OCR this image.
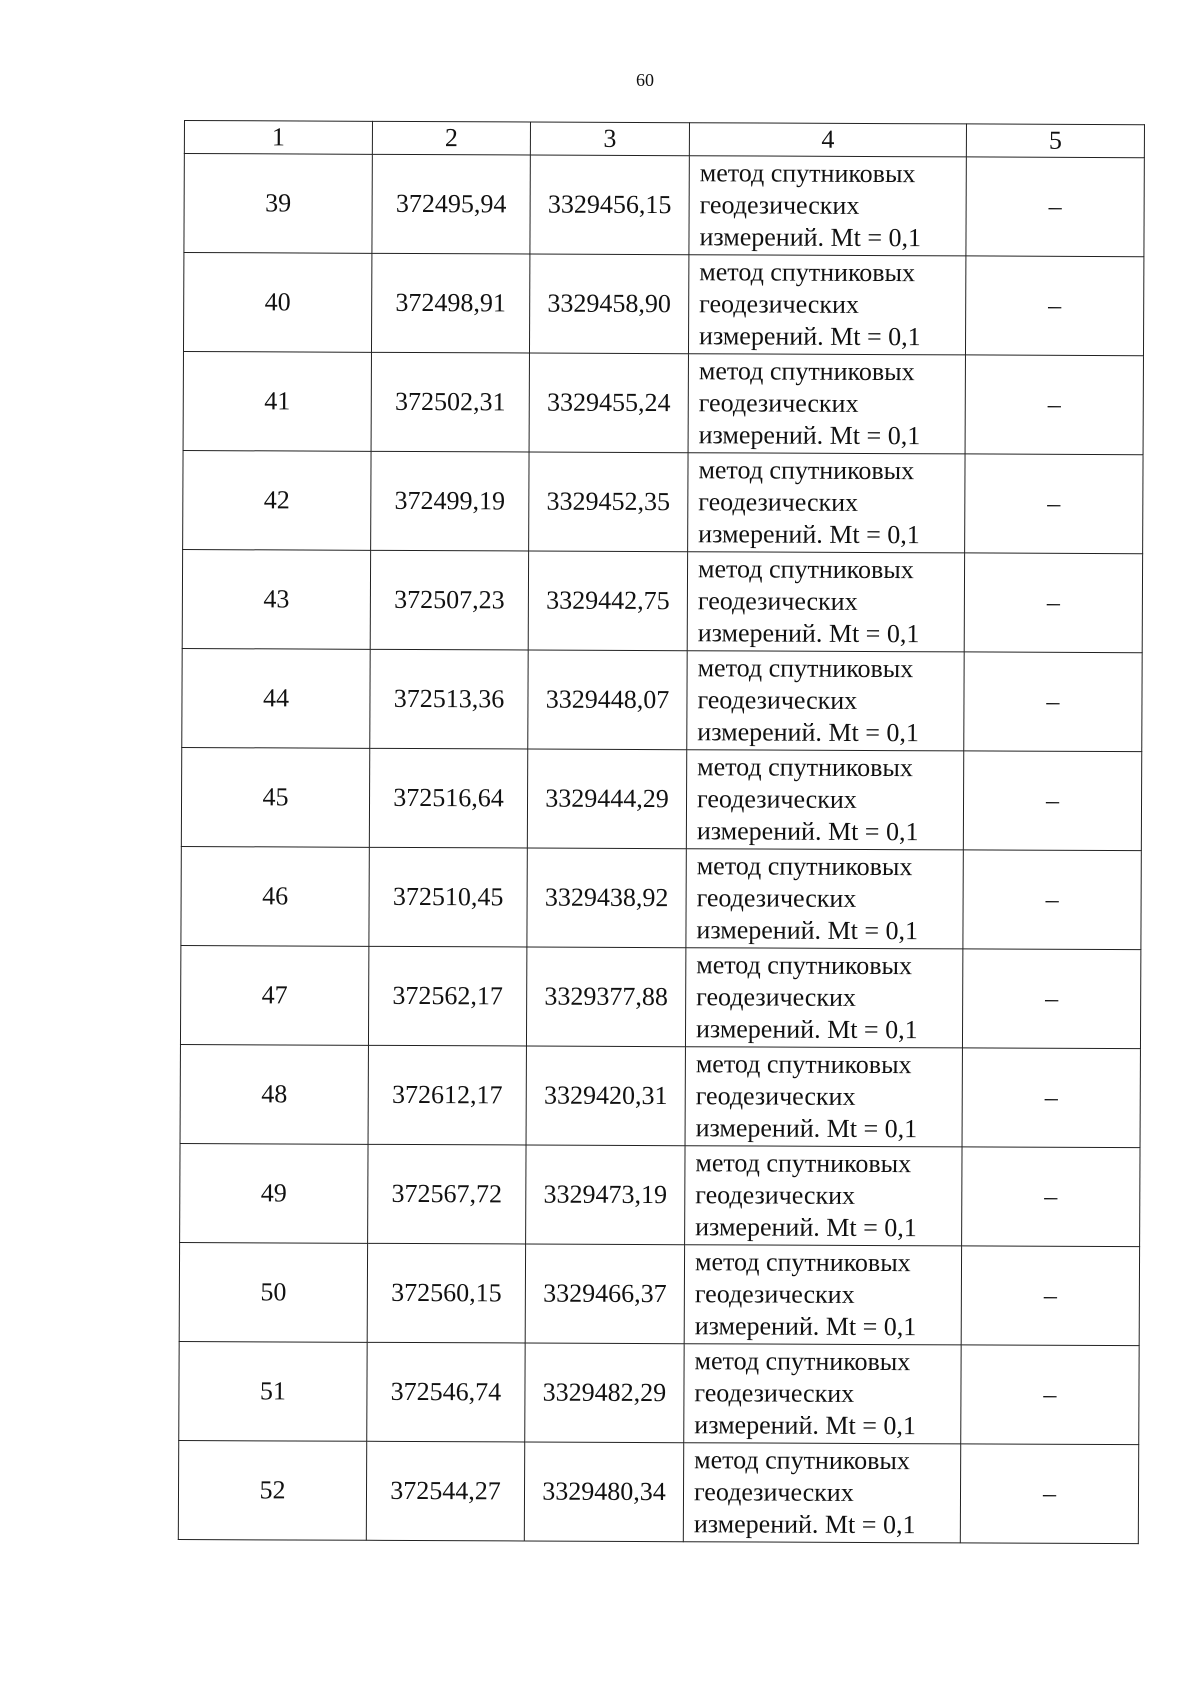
60
1	2	3	4	5
39	372495,94	3329456,15	метод спутниковых
геодезических
измерений. Mt = 0,1	–
40	372498,91	3329458,90	метод спутниковых
геодезических
измерений. Mt = 0,1	–
41	372502,31	3329455,24	метод спутниковых
геодезических
измерений. Mt = 0,1	–
42	372499,19	3329452,35	метод спутниковых
геодезических
измерений. Mt = 0,1	–
43	372507,23	3329442,75	метод спутниковых
геодезических
измерений. Mt = 0,1	–
44	372513,36	3329448,07	метод спутниковых
геодезических
измерений. Mt = 0,1	–
45	372516,64	3329444,29	метод спутниковых
геодезических
измерений. Mt = 0,1	–
46	372510,45	3329438,92	метод спутниковых
геодезических
измерений. Mt = 0,1	–
47	372562,17	3329377,88	метод спутниковых
геодезических
измерений. Mt = 0,1	–
48	372612,17	3329420,31	метод спутниковых
геодезических
измерений. Mt = 0,1	–
49	372567,72	3329473,19	метод спутниковых
геодезических
измерений. Mt = 0,1	–
50	372560,15	3329466,37	метод спутниковых
геодезических
измерений. Mt = 0,1	–
51	372546,74	3329482,29	метод спутниковых
геодезических
измерений. Mt = 0,1	–
52	372544,27	3329480,34	метод спутниковых
геодезических
измерений. Mt = 0,1	–
